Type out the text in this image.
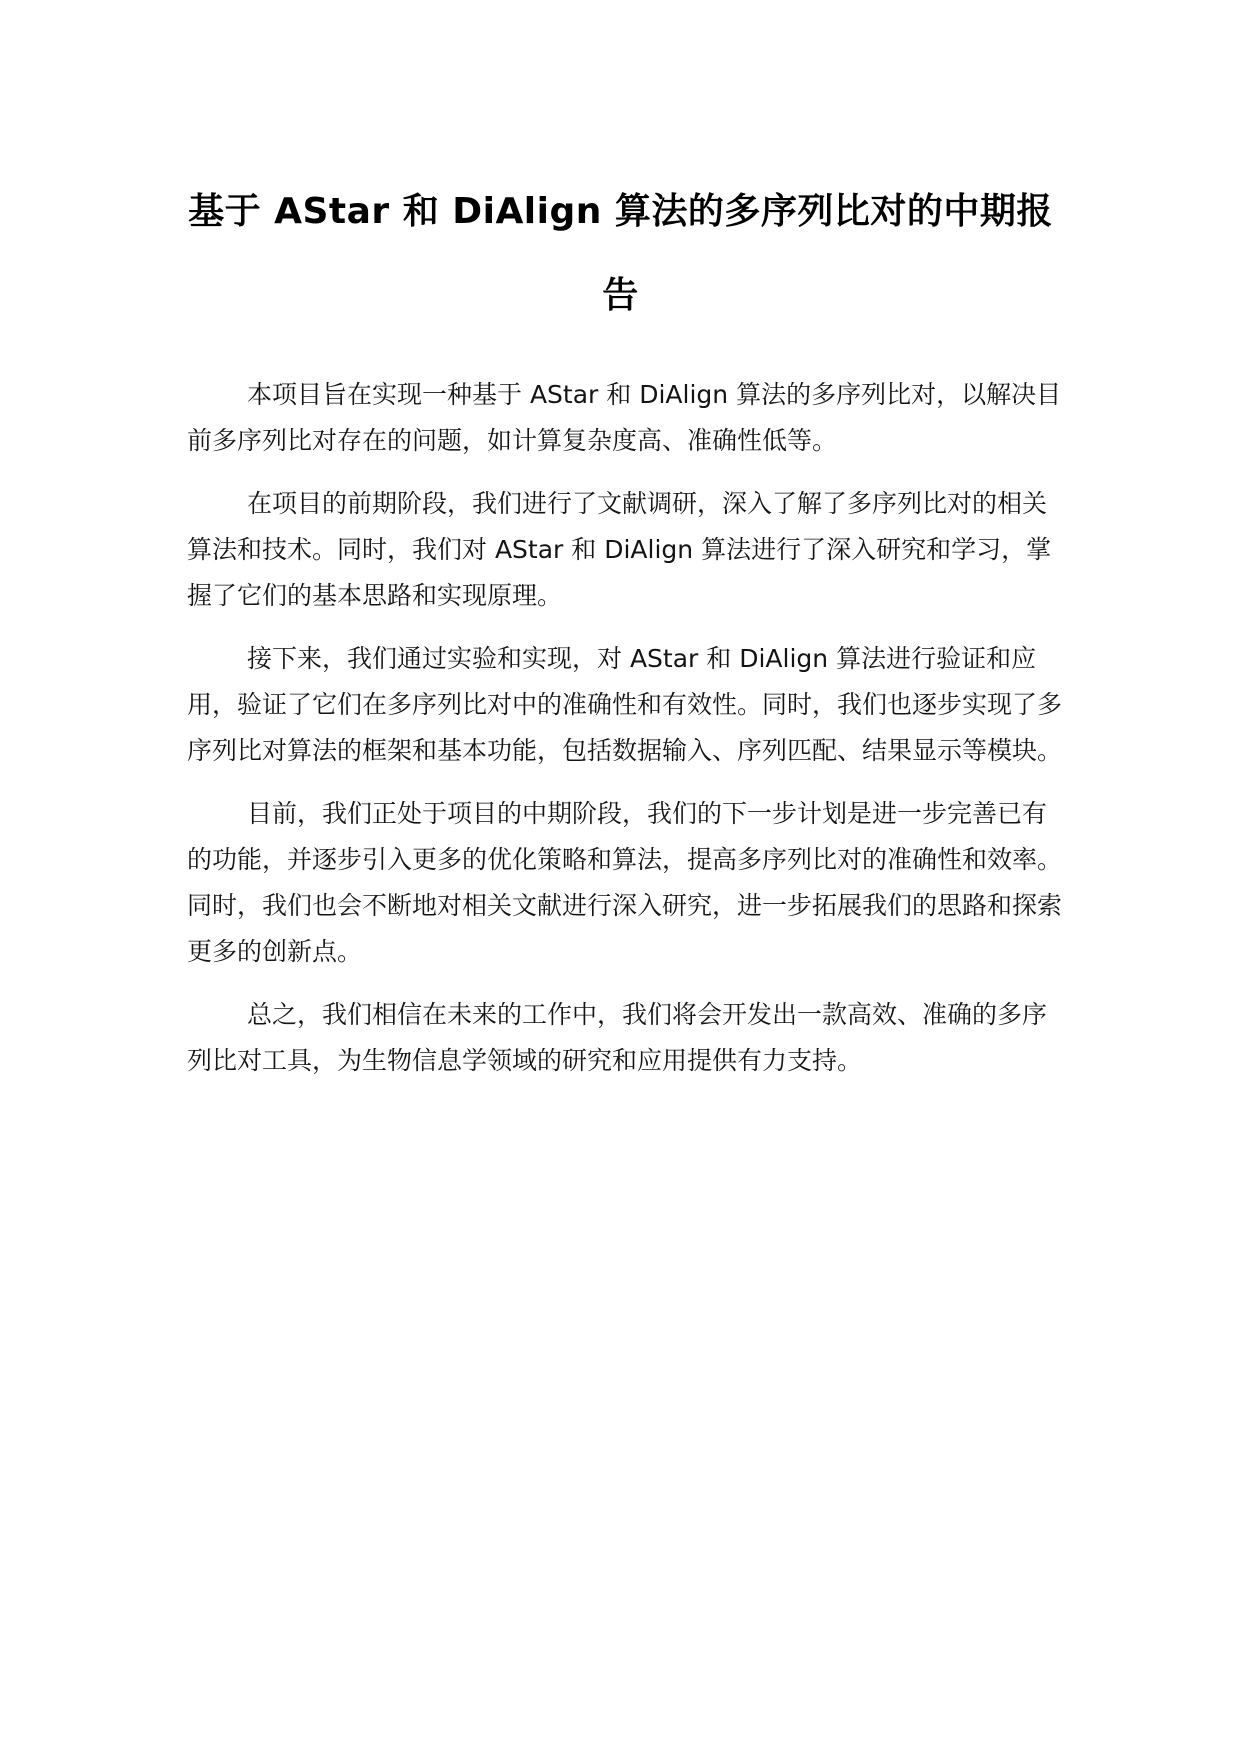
基于 AStar 和 DiAlign 算法的多序列比对的中期报告

本项目旨在实现一种基于 AStar 和 DiAlign 算法的多序列比对，以解决目前多序列比对存在的问题，如计算复杂度高、准确性低等。

在项目的前期阶段，我们进行了文献调研，深入了解了多序列比对的相关算法和技术。同时，我们对 AStar 和 DiAlign 算法进行了深入研究和学习，掌握了它们的基本思路和实现原理。

接下来，我们通过实验和实现，对 AStar 和 DiAlign 算法进行验证和应用，验证了它们在多序列比对中的准确性和有效性。同时，我们也逐步实现了多序列比对算法的框架和基本功能，包括数据输入、序列匹配、结果显示等模块。

目前，我们正处于项目的中期阶段，我们的下一步计划是进一步完善已有的功能，并逐步引入更多的优化策略和算法，提高多序列比对的准确性和效率。同时，我们也会不断地对相关文献进行深入研究，进一步拓展我们的思路和探索更多的创新点。

总之，我们相信在未来的工作中，我们将会开发出一款高效、准确的多序列比对工具，为生物信息学领域的研究和应用提供有力支持。
